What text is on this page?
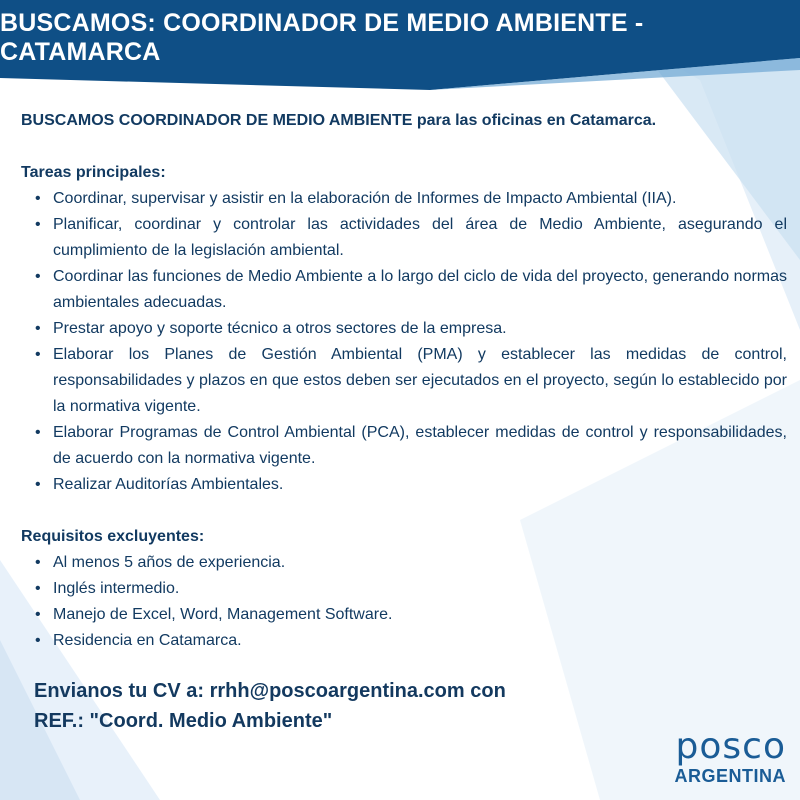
BUSCAMOS: COORDINADOR DE MEDIO AMBIENTE - CATAMARCA

BUSCAMOS COORDINADOR DE MEDIO AMBIENTE para las oficinas en Catamarca.

Tareas principales:

• Coordinar, supervisar y asistir en la elaboración de Informes de Impacto Ambiental (IIA).
• Planificar, coordinar y controlar las actividades del área de Medio Ambiente, asegurando el cumplimiento de la legislación ambiental.
• Coordinar las funciones de Medio Ambiente a lo largo del ciclo de vida del proyecto, generando normas ambientales adecuadas.
• Prestar apoyo y soporte técnico a otros sectores de la empresa.
• Elaborar los Planes de Gestión Ambiental (PMA) y establecer las medidas de control, responsabilidades y plazos en que estos deben ser ejecutados en el proyecto, según lo establecido por la normativa vigente.
• Elaborar Programas de Control Ambiental (PCA), establecer medidas de control y responsabilidades, de acuerdo con la normativa vigente.
• Realizar Auditorías Ambientales.

Requisitos excluyentes:

• Al menos 5 años de experiencia.
• Inglés intermedio.
• Manejo de Excel, Word, Management Software.
• Residencia en Catamarca.
Envianos tu CV a: rrhh@poscoargentina.com con
REF.: "Coord. Medio Ambiente"
posco
ARGENTINA
